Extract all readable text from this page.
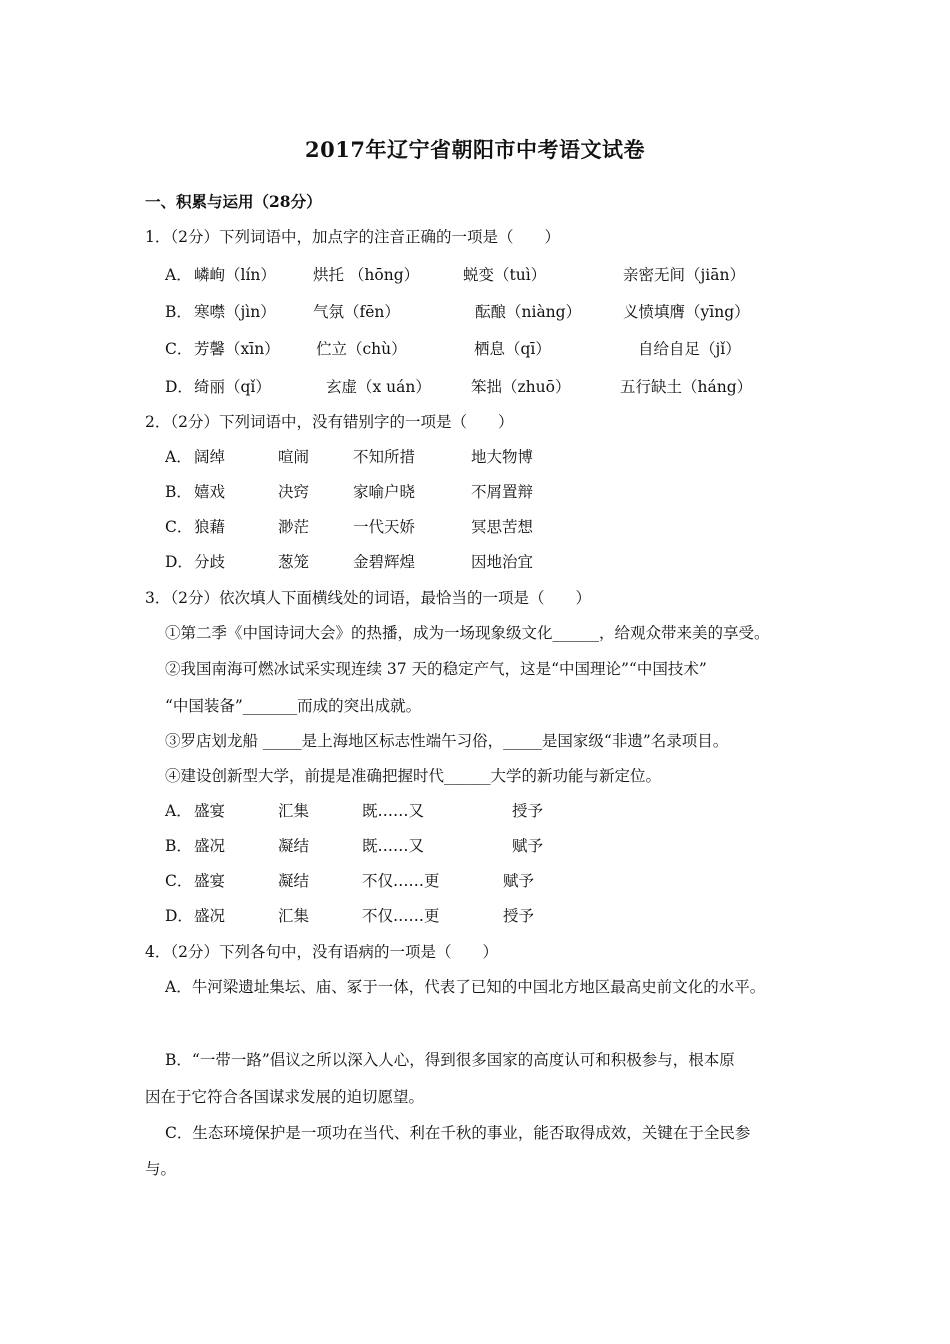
2017年辽宁省朝阳市中考语文试卷
一、积累与运用（28分）
1．（2分）下列词语中，加点字的注音正确的一项是（　　）
A． 嶙峋（lín） 烘托 （hōng）	蜕变（tuì）	亲密无间（jiān）
B． 寒噤（jìn） 气氛（fēn）	酝酿（niàng）	义愤填膺（yīng）
C． 芳馨（xīn） 伫立（chù）	栖息（qī）	自给自足（jǐ）
D． 绮丽（qǐ）	玄虚（x uán）	笨拙（zhuō）	五行缺土（háng）
2．（2分）下列词语中，没有错别字的一项是（　　）
A． 阔绰	喧闹	不知所措	地大物博
B． 嬉戏	决窍	家喻户晓	不屑置辩
C． 狼藉	渺茫	一代天娇	冥思苦想
D． 分歧	葱笼	金碧辉煌	因地治宜
3．（2分）依次填人下面横线处的词语，最恰当的一项是（　　）
①第二季《中国诗词大会》的热播，成为一场现象级文化______，给观众带来美的享受。
②我国南海可燃冰试采实现连续 37 天的稳定产气，这是“中国理论”“中国技术”
“中国装备”_______而成的突出成就。
③罗店划龙船 _____是上海地区标志性端午习俗，_____是国家级“非遗”名录项目。
④建设创新型大学，前提是准确把握时代______大学的新功能与新定位。
A． 盛宴	汇集	既……又	授予
B． 盛况	凝结	既……又	赋予
C． 盛宴	凝结	不仅……更	赋予
D． 盛况	汇集	不仅……更	授予
4．（2分）下列各句中，没有语病的一项是（　　）
A．牛河梁遗址集坛、庙、冢于一体，代表了已知的中国北方地区最高史前文化的水平。
B．“一带一路”倡议之所以深入人心，得到很多国家的高度认可和积极参与，根本原
因在于它符合各国谋求发展的迫切愿望。
C．生态环境保护是一项功在当代、利在千秋的事业，能否取得成效，关键在于全民参
与。
